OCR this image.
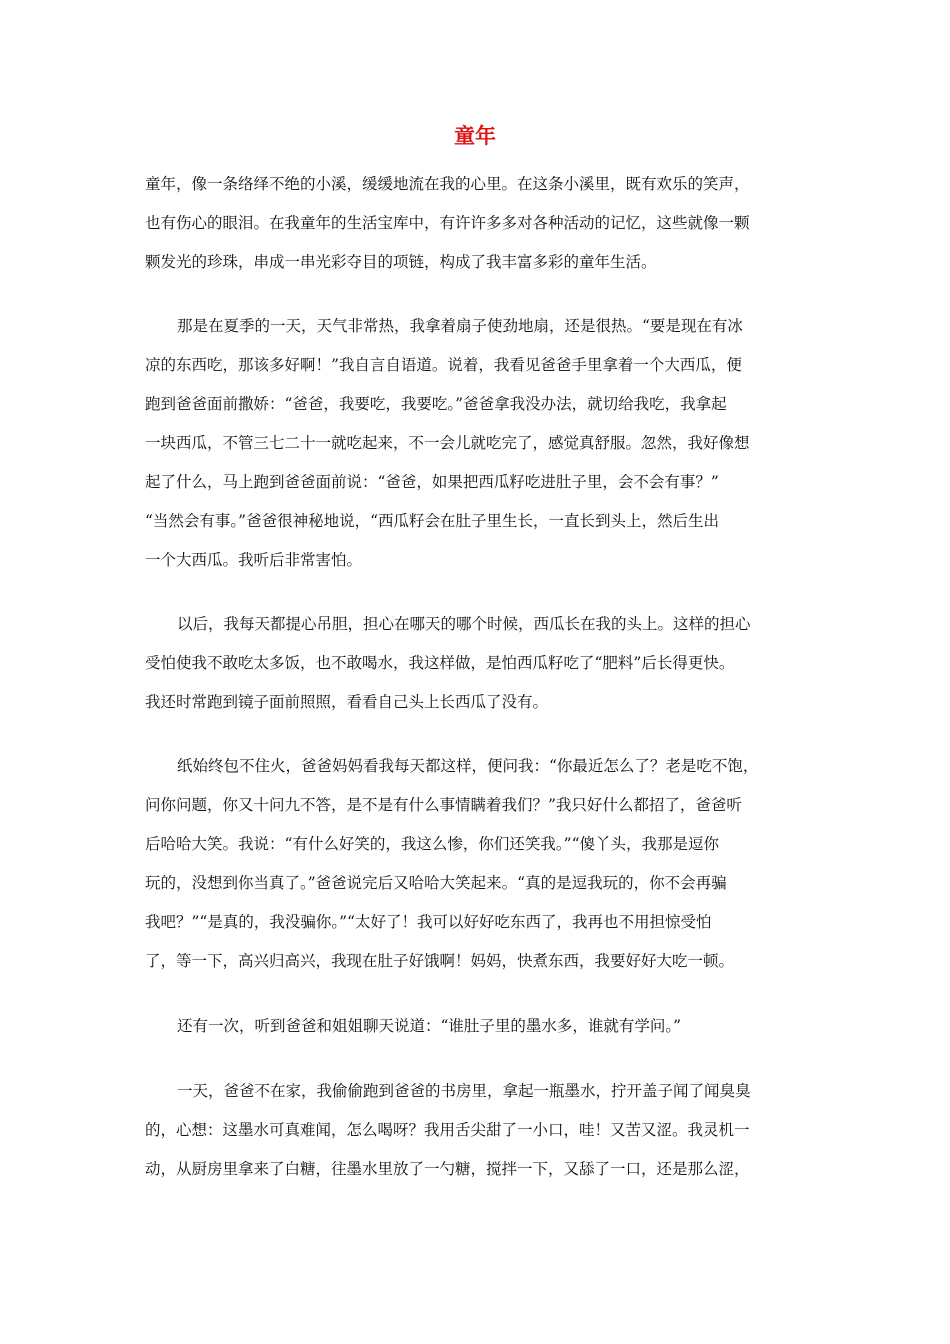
童年

童年，像一条络绎不绝的小溪，缓缓地流在我的心里。在这条小溪里，既有欢乐的笑声，

也有伤心的眼泪。在我童年的生活宝库中，有许许多多对各种活动的记忆，这些就像一颗

颗发光的珍珠，串成一串光彩夺目的项链，构成了我丰富多彩的童年生活。

那是在夏季的一天，天气非常热，我拿着扇子使劲地扇，还是很热。“要是现在有冰

凉的东西吃，那该多好啊！”我自言自语道。说着，我看见爸爸手里拿着一个大西瓜，便

跑到爸爸面前撒娇：“爸爸，我要吃，我要吃。”爸爸拿我没办法，就切给我吃，我拿起

一块西瓜，不管三七二十一就吃起来，不一会儿就吃完了，感觉真舒服。忽然，我好像想

起了什么，马上跑到爸爸面前说：“爸爸，如果把西瓜籽吃进肚子里，会不会有事？”

“当然会有事。”爸爸很神秘地说，“西瓜籽会在肚子里生长，一直长到头上，然后生出

一个大西瓜。我听后非常害怕。

以后，我每天都提心吊胆，担心在哪天的哪个时候，西瓜长在我的头上。这样的担心

受怕使我不敢吃太多饭，也不敢喝水，我这样做，是怕西瓜籽吃了“肥料”后长得更快。

我还时常跑到镜子面前照照，看看自己头上长西瓜了没有。

纸始终包不住火，爸爸妈妈看我每天都这样，便问我：“你最近怎么了？老是吃不饱，

问你问题，你又十问九不答，是不是有什么事情瞒着我们？”我只好什么都招了，爸爸听

后哈哈大笑。我说：“有什么好笑的，我这么惨，你们还笑我。”“傻丫头，我那是逗你

玩的，没想到你当真了。”爸爸说完后又哈哈大笑起来。“真的是逗我玩的，你不会再骗

我吧？”“是真的，我没骗你。”“太好了！我可以好好吃东西了，我再也不用担惊受怕

了，等一下，高兴归高兴，我现在肚子好饿啊！妈妈，快煮东西，我要好好大吃一顿。

还有一次，听到爸爸和姐姐聊天说道：“谁肚子里的墨水多，谁就有学问。”

一天，爸爸不在家，我偷偷跑到爸爸的书房里，拿起一瓶墨水，拧开盖子闻了闻臭臭

的，心想：这墨水可真难闻，怎么喝呀？我用舌尖甜了一小口，哇！又苦又涩。我灵机一

动，从厨房里拿来了白糖，往墨水里放了一勺糖，搅拌一下，又舔了一口，还是那么涩，
